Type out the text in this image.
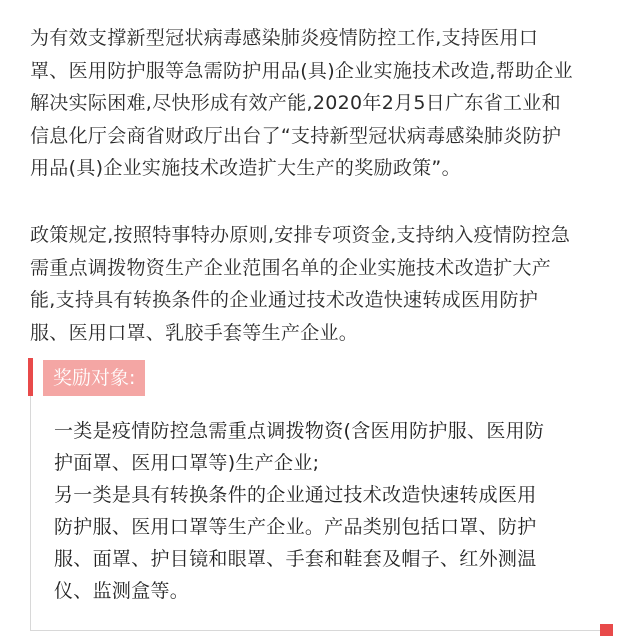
为有效支撑新型冠状病毒感染肺炎疫情防控工作,支持医用口
罩、医用防护服等急需防护用品(具)企业实施技术改造,帮助企业
解决实际困难,尽快形成有效产能,2020年2月5日广东省工业和
信息化厅会商省财政厅出台了“支持新型冠状病毒感染肺炎防护
用品(具)企业实施技术改造扩大生产的奖励政策”。

政策规定,按照特事特办原则,安排专项资金,支持纳入疫情防控急
需重点调拨物资生产企业范围名单的企业实施技术改造扩大产
能,支持具有转换条件的企业通过技术改造快速转成医用防护
服、医用口罩、乳胶手套等生产企业。

奖励对象:

一类是疫情防控急需重点调拨物资(含医用防护服、医用防
护面罩、医用口罩等)生产企业;
另一类是具有转换条件的企业通过技术改造快速转成医用
防护服、医用口罩等生产企业。产品类别包括口罩、防护
服、面罩、护目镜和眼罩、手套和鞋套及帽子、红外测温
仪、监测盒等。
